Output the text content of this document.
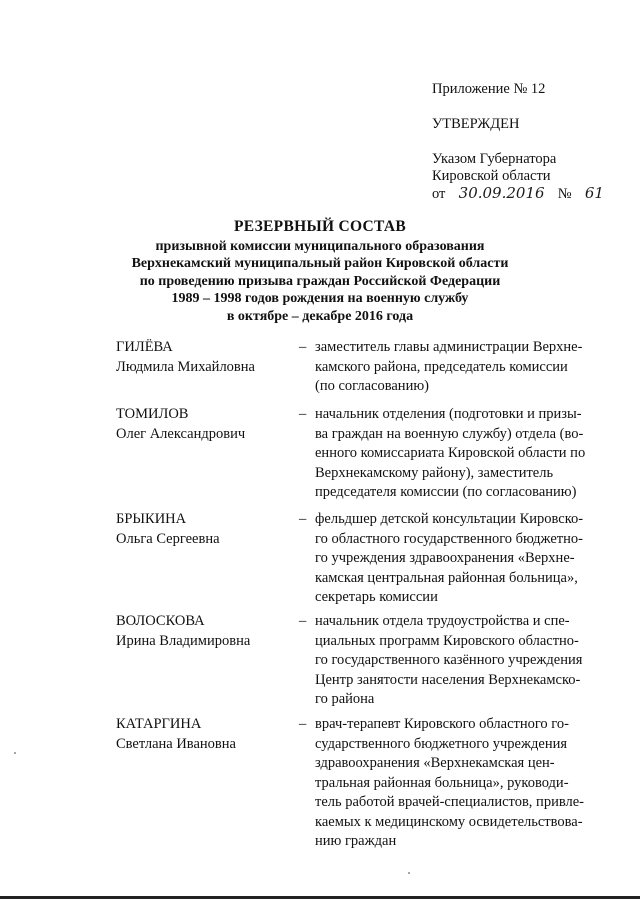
Приложение № 12
УТВЕРЖДЕН
Указом Губернатора
Кировской области
от 30.09.2016 № 61
РЕЗЕРВНЫЙ СОСТАВ
призывной комиссии муниципального образования
Верхнекамский муниципальный район Кировской области
по проведению призыва граждан Российской Федерации
1989 – 1998 годов рождения на военную службу
в октябре – декабре 2016 года
ГИЛЁВА
Людмила Михайловна
– заместитель главы администрации Верхне-
камского района, председатель комиссии
(по согласованию)
ТОМИЛОВ
Олег Александрович
– начальник отделения (подготовки и призы-
ва граждан на военную службу) отдела (во-
енного комиссариата Кировской области по
Верхнекамскому району), заместитель
председателя комиссии (по согласованию)
БРЫКИНА
Ольга Сергеевна
– фельдшер детской консультации Кировско-
го областного государственного бюджетно-
го учреждения здравоохранения «Верхне-
камская центральная районная больница»,
секретарь комиссии
ВОЛОСКОВА
Ирина Владимировна
– начальник отдела трудоустройства и спе-
циальных программ Кировского областно-
го государственного казённого учреждения
Центр занятости населения Верхнекамско-
го района
КАТАРГИНА
Светлана Ивановна
– врач-терапевт Кировского областного го-
сударственного бюджетного учреждения
здравоохранения «Верхнекамская цен-
тральная районная больница», руководи-
тель работой врачей-специалистов, привле-
каемых к медицинскому освидетельствова-
нию граждан
